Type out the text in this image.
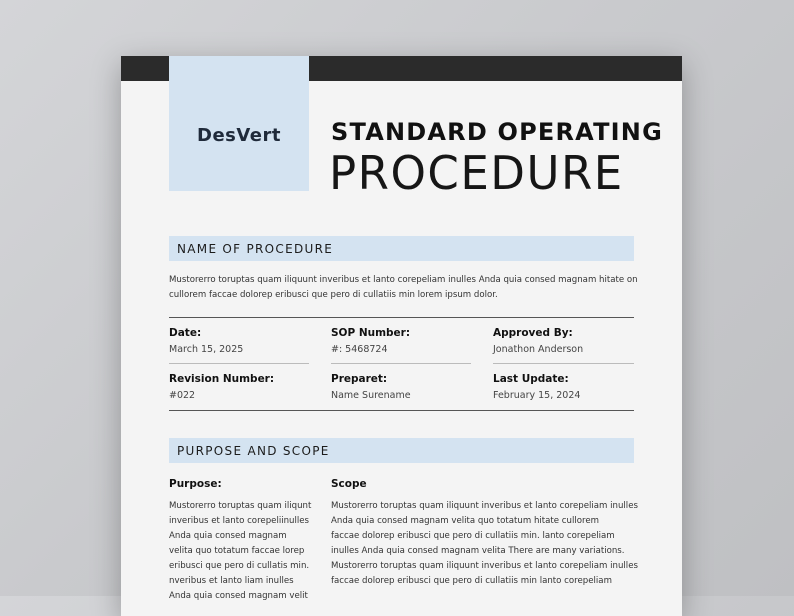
DesVert STANDARD OPERATING
PROCEDURE
NAME OF PROCEDURE
Mustorerro toruptas quam iliquunt inveribus et lanto corepeliam inulles Anda quia consed magnam hitate on cullorem faccae dolorep eribusci que pero di cullatiis min lorem ipsum dolor.
Date:
March 15, 2025
SOP Number:
#: 5468724
Approved By:
Jonathon Anderson
Revision Number:
#022
Preparet:
Name Surename
Last Update:
February 15, 2024
PURPOSE AND SCOPE
Purpose:	Scope
Mustorerro toruptas quam iliqunt
inveribus et lanto corepeliinulles
Anda quia consed magnam
velita quo totatum faccae lorep
eribusci que pero di cullatis min.
nveribus et lanto liam inulles
Anda quia consed magnam velit
Mustorerro toruptas quam iliquunt inveribus et lanto corepeliam inulles
Anda quia consed magnam velita quo totatum hitate cullorem
faccae dolorep eribusci que pero di cullatiis min. lanto corepeliam
inulles Anda quia consed magnam velita There are many variations.
Mustorerro toruptas quam iliquunt inveribus et lanto corepeliam inulles
faccae dolorep eribusci que pero di cullatiis min lanto corepeliam
